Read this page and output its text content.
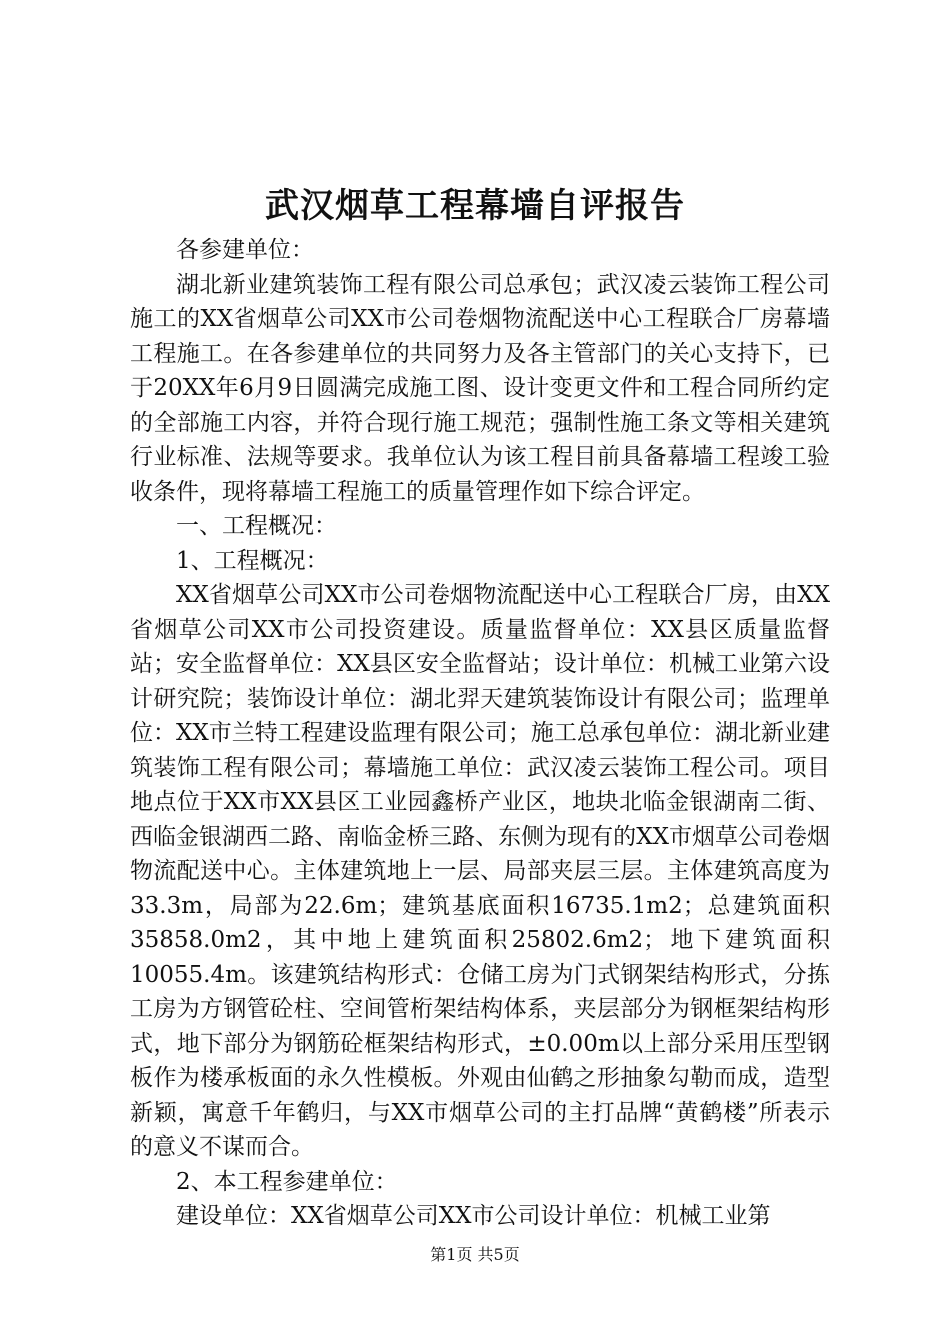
武汉烟草工程幕墙自评报告

各参建单位：

湖北新业建筑装饰工程有限公司总承包；武汉凌云装饰工程公司施工的XX省烟草公司XX市公司卷烟物流配送中心工程联合厂房幕墙工程施工。在各参建单位的共同努力及各主管部门的关心支持下，已于20XX年6月9日圆满完成施工图、设计变更文件和工程合同所约定的全部施工内容，并符合现行施工规范；强制性施工条文等相关建筑行业标准、法规等要求。我单位认为该工程目前具备幕墙工程竣工验收条件，现将幕墙工程施工的质量管理作如下综合评定。

一、工程概况：

1、工程概况：

XX省烟草公司XX市公司卷烟物流配送中心工程联合厂房，由XX省烟草公司XX市公司投资建设。质量监督单位：XX县区质量监督站；安全监督单位：XX县区安全监督站；设计单位：机械工业第六设计研究院；装饰设计单位：湖北羿天建筑装饰设计有限公司；监理单位：XX市兰特工程建设监理有限公司；施工总承包单位：湖北新业建筑装饰工程有限公司；幕墙施工单位：武汉凌云装饰工程公司。项目地点位于XX市XX县区工业园鑫桥产业区，地块北临金银湖南二街、西临金银湖西二路、南临金桥三路、东侧为现有的XX市烟草公司卷烟物流配送中心。主体建筑地上一层、局部夹层三层。主体建筑高度为33.3m，局部为22.6m；建筑基底面积16735.1m2；总建筑面积35858.0m2，其中地上建筑面积25802.6m2；地下建筑面积10055.4m。该建筑结构形式：仓储工房为门式钢架结构形式，分拣工房为方钢管砼柱、空间管桁架结构体系，夹层部分为钢框架结构形式，地下部分为钢筋砼框架结构形式，±0.00m以上部分采用压型钢板作为楼承板面的永久性模板。外观由仙鹤之形抽象勾勒而成，造型新颖，寓意千年鹤归，与XX市烟草公司的主打品牌“黄鹤楼”所表示的意义不谋而合。

2、本工程参建单位：

建设单位：XX省烟草公司XX市公司设计单位：机械工业第

第1页 共5页
